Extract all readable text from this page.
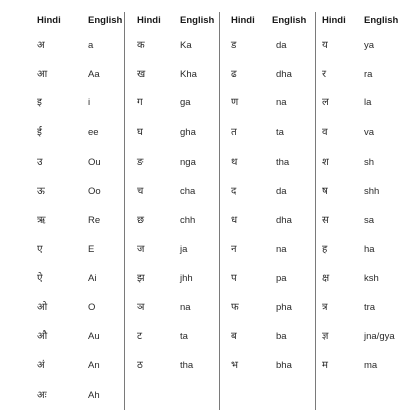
Hindi	English
अ	a
आ	Aa
इ	i
ई	ee
उ	Ou
ऊ	Oo
ऋ	Re
ए	E
ऐ	Ai
ओ	O
औ	Au
अं	An
अः	Ah
Hindi English
क	Ka
ख	Kha
ग	ga
घ	gha
ङ	nga
च	cha
छ	chh
ज	ja
झ	jhh
ञ	na
ट	ta
ठ	tha
Hindi English
ड	da
ढ	dha
ण	na
त	ta
थ	tha
द	da
ध	dha
न	na
प	pa
फ	pha
ब	ba
भ	bha
Hindi English
य	ya
र	ra
ल	la
व	va
श	sh
ष	shh
स	sa
ह	ha
क्ष	ksh
त्र	tra
ज्ञ	jna/gya
म	ma
